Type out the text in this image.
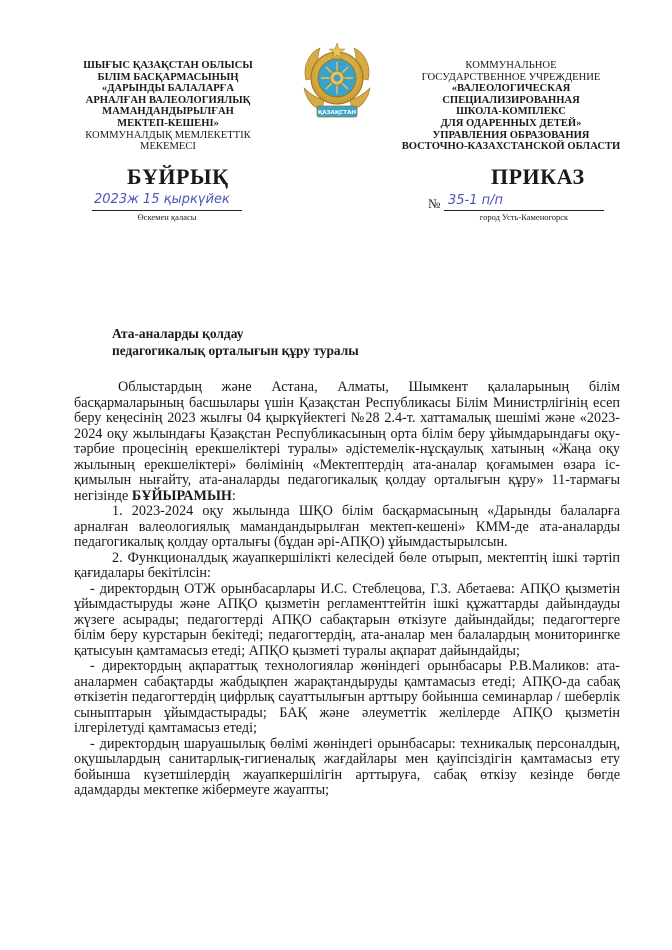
ШЫҒЫС ҚАЗАҚСТАН ОБЛЫСЫ
БІЛІМ БАСҚАРМАСЫНЫҢ
«ДАРЫНДЫ БАЛАЛАРҒА
АРНАЛҒАН ВАЛЕОЛОГИЯЛЫҚ
МАМАНДАНДЫРЫЛҒАН
МЕКТЕП-КЕШЕНІ»
КОММУНАЛДЫҚ МЕМЛЕКЕТТІК
МЕКЕМЕСІ
ҚАЗАҚСТАН
КОММУНАЛЬНОЕ
ГОСУДАРСТВЕННОЕ УЧРЕЖДЕНИЕ
«ВАЛЕОЛОГИЧЕСКАЯ
СПЕЦИАЛИЗИРОВАННАЯ
ШКОЛА-КОМПЛЕКС
ДЛЯ ОДАРЕННЫХ ДЕТЕЙ»
УПРАВЛЕНИЯ ОБРАЗОВАНИЯ
ВОСТОЧНО-КАЗАХСТАНСКОЙ ОБЛАСТИ
БҰЙРЫҚ	ПРИКАЗ
2023ж 15 қыркүйек
Өскемен қаласы
№ 35-1 п/п
город Усть-Каменогорск
Ата-аналарды қолдау
педагогикалық орталығын құру туралы

Облыстардың және Астана, Алматы, Шымкент қалаларының білім басқармаларының басшылары үшін Қазақстан Республикасы Білім Министрлігінің есеп беру кеңесінің 2023 жылғы 04 қыркүйектегі №28 2.4-т. хаттамалық шешімі және «2023-2024 оқу жылындағы Қазақстан Республикасының орта білім беру ұйымдарындағы оқу-тәрбие процесінің ерекшеліктері туралы» әдістемелік-нұсқаулық хатының «Жаңа оқу жылының ерекшеліктері» бөлімінің «Мектептердің ата-аналар қоғамымен өзара іс-қимылын нығайту, ата-аналарды педагогикалық қолдау орталығын құру» 11-тармағы негізінде БҰЙЫРАМЫН:

1. 2023-2024 оқу жылында ШҚО білім басқармасының «Дарынды балаларға арналған валеологиялық мамандандырылған мектеп-кешені» КММ-де ата-аналарды педагогикалық қолдау орталығы (бұдан әрі-АПҚО) ұйымдастырылсын.

2. Функционалдық жауапкершілікті келесідей бөле отырып, мектептің ішкі тәртіп қағидалары бекітілсін:

- директордың ОТЖ орынбасарлары И.С. Стеблецова, Г.З. Абетаева: АПҚО қызметін ұйымдастыруды және АПҚО қызметін регламенттейтін ішкі құжаттарды дайындауды жүзеге асырады; педагогтерді АПҚО сабақтарын өткізуге дайындайды; педагогтерге білім беру курстарын бекітеді; педагогтердің, ата-аналар мен балалардың мониторингке қатысуын қамтамасыз етеді; АПҚО қызметі туралы ақпарат дайындайды;

- директордың ақпараттық технологиялар жөніндегі орынбасары Р.В.Маликов: ата-аналармен сабақтарды жабдықпен жарақтандыруды қамтамасыз етеді; АПҚО-да сабақ өткізетін педагогтердің цифрлық сауаттылығын арттыру бойынша семинарлар / шеберлік сыныптарын ұйымдастырады; БАҚ және әлеуметтік желілерде АПҚО қызметін ілгерілетуді қамтамасыз етеді;

- директордың шаруашылық бөлімі жөніндегі орынбасары: техникалық персоналдың, оқушылардың санитарлық-гигиеналық жағдайлары мен қауіпсіздігін қамтамасыз ету бойынша күзетшілердің жауапкершілігін арттыруға, сабақ өткізу кезінде бөгде адамдарды мектепке жібермеуге жауапты;
